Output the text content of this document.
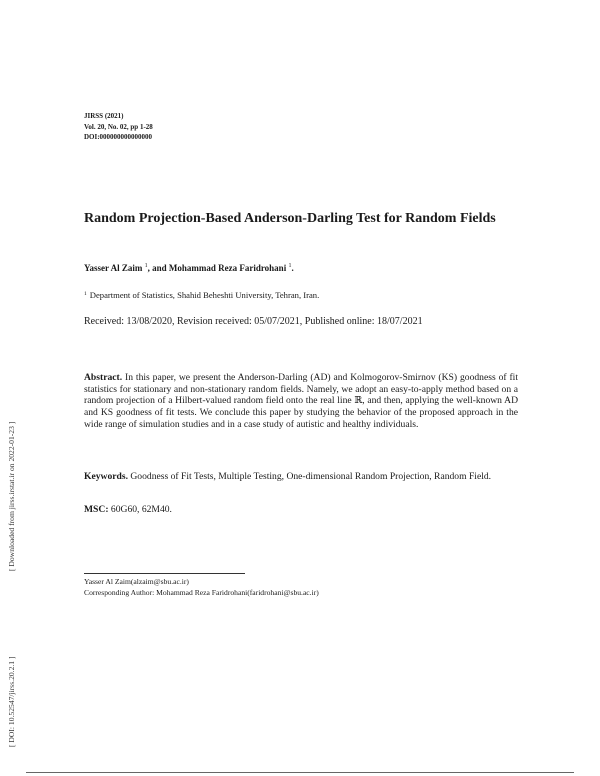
JIRSS (2021)
Vol. 20, No. 02, pp 1-28
DOI:000000000000000
Random Projection-Based Anderson-Darling Test for Random Fields
Yasser Al Zaim $^1$, and Mohammad Reza Faridrohani $^1$.
$^1$ Department of Statistics, Shahid Beheshti University, Tehran, Iran.
Received: 13/08/2020, Revision received: 05/07/2021, Published online: 18/07/2021
Abstract. In this paper, we present the Anderson-Darling (AD) and Kolmogorov-Smirnov (KS) goodness of fit statistics for stationary and non-stationary random fields. Namely, we adopt an easy-to-apply method based on a random projection of a Hilbert-valued random field onto the real line ℝ, and then, applying the well-known AD and KS goodness of fit tests. We conclude this paper by studying the behavior of the proposed approach in the wide range of simulation studies and in a case study of autistic and healthy individuals.
Keywords. Goodness of Fit Tests, Multiple Testing, One-dimensional Random Projection, Random Field.
MSC: 60G60, 62M40.
Yasser Al Zaim(alzaim@sbu.ac.ir)
Corresponding Author: Mohammad Reza Faridrohani(faridrohani@sbu.ac.ir)
[ Downloaded from jirss.irstat.ir on 2022-01-23 ]
[ DOI: 10.52547/jirss.20.2.1 ]
